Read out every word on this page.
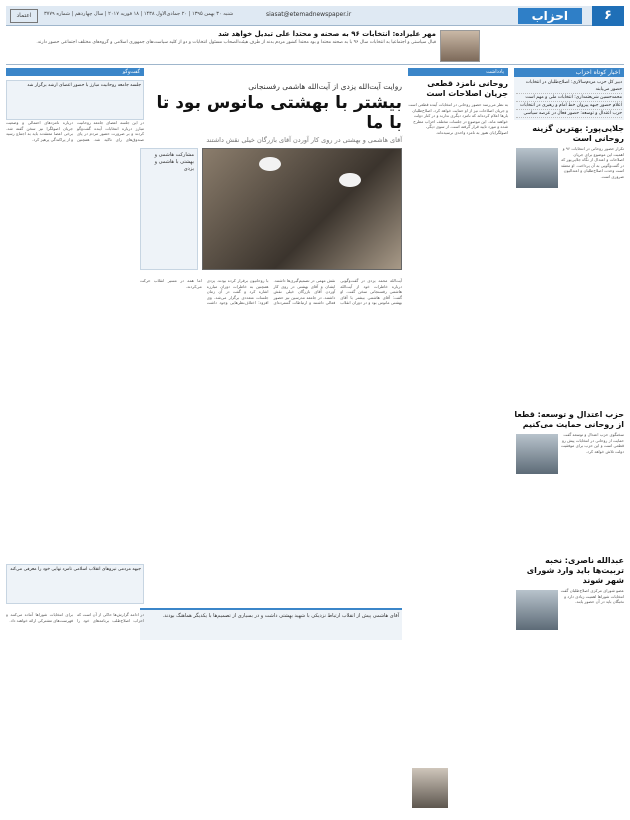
۶
احزاب
siasat@etemadnewspaper.ir
شنبه ۳۰ بهمن ۱۳۹۵ | ۲۰ جمادی‌الاول ۱۴۳۸ | ۱۸ فوریه ۲۰۱۷ | سال چهاردهم | شماره ۳۷۷۹
اعتماد
مهر علیزاده: انتخابات ۹۶ به صحنه و محتدا علی تبدیل خواهد شد
قبال سیاستی و اجتماعیا به انتخابات سال ۹۶ با به صحنه محتدا و بود محتدا کشور مردم بدنه از طرف هیئت‌الصحاب مسئول انتخابات و دو از کلیه سیاست‌های جمهوری اسلامی و گروه‌های مختلف اجتماعی حضور دارند.
اخبار کوتاه احزاب
دبیر کل حزب مردم‌سالاری: اصلاح‌طلبان در انتخابات حضور می‌یابند
محمدحسین شریعتمداری: انتخابات ملی و مهم است
اعلام حضور جبهه پیروان خط امام و رهبری در انتخابات
حزب اعتدال و توسعه: حضور فعال در عرصه سیاسی
جلایی‌پور: بهترین گزینه روحانی است
تکرار حضور روحانی در انتخابات ۹۶ و اهمیت این موضوع برای جریان اصلاحات و اعتدال از نگاه جلایی‌پور که در گفت‌وگویی به آن پرداخت. او معتقد است وحدت اصلاح‌طلبان و اعتدالیون ضروری است.
حزب اعتدال و توسعه: قطعا از روحانی حمایت می‌کنیم
سخنگوی حزب اعتدال و توسعه گفت حمایت از روحانی در انتخابات پیش رو قطعی است و این حزب برای موفقیت دولت تلاش خواهد کرد.
عبدالله ناصری: نخبه تربیت‌ها باید وارد شورای شهر شوند
عضو شورای مرکزی اصلاح‌طلبان گفت انتخابات شوراها اهمیت زیادی دارد و نخبگان باید در آن حضور یابند.
یادداشت
روحانی نامزد قطعی جریان اصلاحات است
به نظر می‌رسد حضور روحانی در انتخابات آینده قطعی است و جریان اصلاحات نیز از او حمایت خواهد کرد. اصلاح‌طلبان بارها اعلام کرده‌اند که نامزد دیگری ندارند و در کنار دولت خواهند ماند. این موضوع در جلسات مختلف احزاب مطرح شده و مورد تایید قرار گرفته است. از سوی دیگر، اصولگرایان هنوز به نامزد واحدی نرسیده‌اند.
روایت آیت‌الله یزدی از آیت‌الله هاشمی رفسنجانی
بیشتر با بهشتی مانوس بود تا با ما
آقای هاشمی و بهشتی در روی کار آوردن آقای بازرگان خیلی نقش داشتند
مشارکت هاشمی و بهشتی با هاشمی و یزدی
آیت‌الله محمد یزدی در گفت‌وگویی درباره خاطرات خود از آیت‌الله هاشمی رفسنجانی سخن گفت. او گفت: آقای هاشمی بیشتر با آقای بهشتی مانوس بود و در دوران انقلاب نقش مهمی در تصمیم‌گیری‌ها داشتند. ایشان و آقای بهشتی در روی کار آوردن آقای بازرگان خیلی نقش داشتند. در جامعه مدرسین نیز حضور فعالی داشتند و ارتباطات گسترده‌ای با روحانیون برقرار کرده بودند. یزدی همچنین به خاطرات دوران مبارزه اشاره کرد و گفت در آن زمان جلسات متعددی برگزار می‌شد. وی افزود: اختلاف‌نظرهایی وجود داشت اما همه در مسیر انقلاب حرکت می‌کردند.
آقای هاشمی پیش از انقلاب ارتباط نزدیکی با شهید بهشتی داشت و در بسیاری از تصمیم‌ها با یکدیگر هماهنگ بودند.
گفت‌وگو
جلسه جامعه روحانیت مبارز با حضور اعضای ارشد برگزار شد
در این جلسه اعضای جامعه روحانیت مبارز درباره انتخابات آینده گفت‌وگو کردند و بر ضرورت حضور مردم در پای صندوق‌های رای تاکید شد. همچنین درباره نامزدهای احتمالی و وضعیت جریان اصولگرا نیز سخن گفته شد. برخی اعضا معتقدند باید به اجماع رسید و از پراکندگی پرهیز کرد.
جبهه مردمی نیروهای انقلاب اسلامی نامزد نهایی خود را معرفی می‌کند
در ادامه گزارش‌ها حاکی از آن است که احزاب اصلاح‌طلب برنامه‌های خود را برای انتخابات شوراها آماده می‌کنند و فهرست‌های مشترکی ارائه خواهند داد.
